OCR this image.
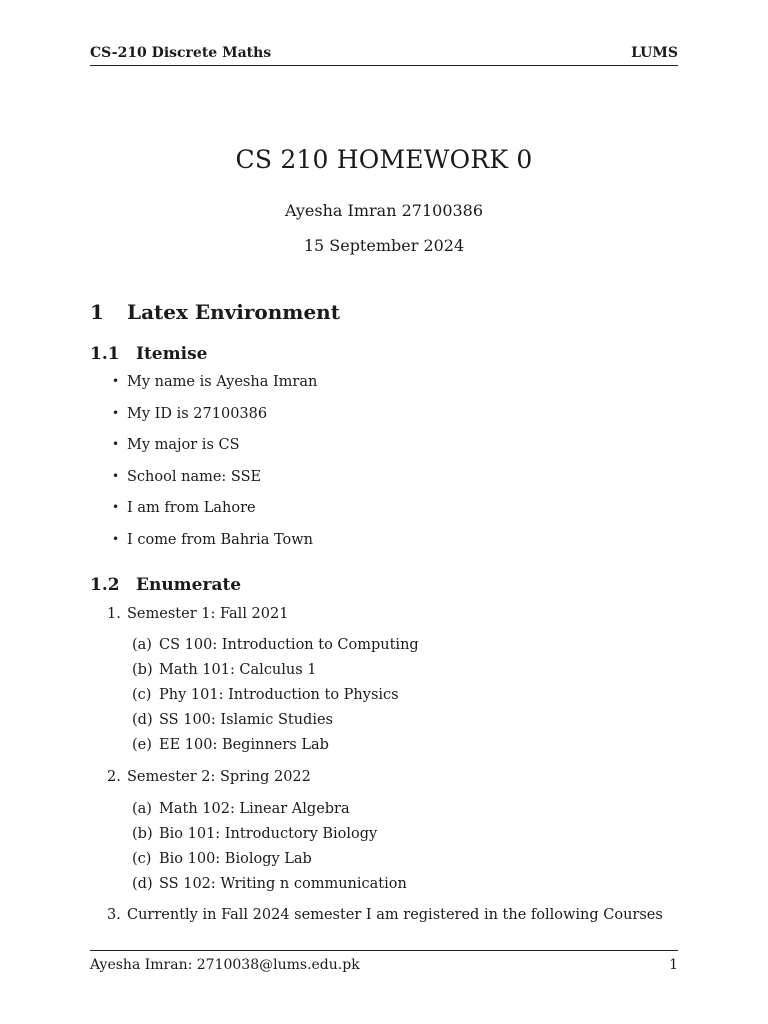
CS-210 Discrete Maths	LUMS
CS 210 HOMEWORK 0
Ayesha Imran 27100386
15 September 2024
1 Latex Environment
1.1 Itemise
• My name is Ayesha Imran
• My ID is 27100386
• My major is CS
• School name: SSE
• I am from Lahore
• I come from Bahria Town
1.2 Enumerate
1. Semester 1: Fall 2021
(a) CS 100: Introduction to Computing
(b) Math 101: Calculus 1
(c) Phy 101: Introduction to Physics
(d) SS 100: Islamic Studies
(e) EE 100: Beginners Lab
2. Semester 2: Spring 2022
(a) Math 102: Linear Algebra
(b) Bio 101: Introductory Biology
(c) Bio 100: Biology Lab
(d) SS 102: Writing n communication
3. Currently in Fall 2024 semester I am registered in the following Courses
Ayesha Imran: 2710038@lums.edu.pk	1
